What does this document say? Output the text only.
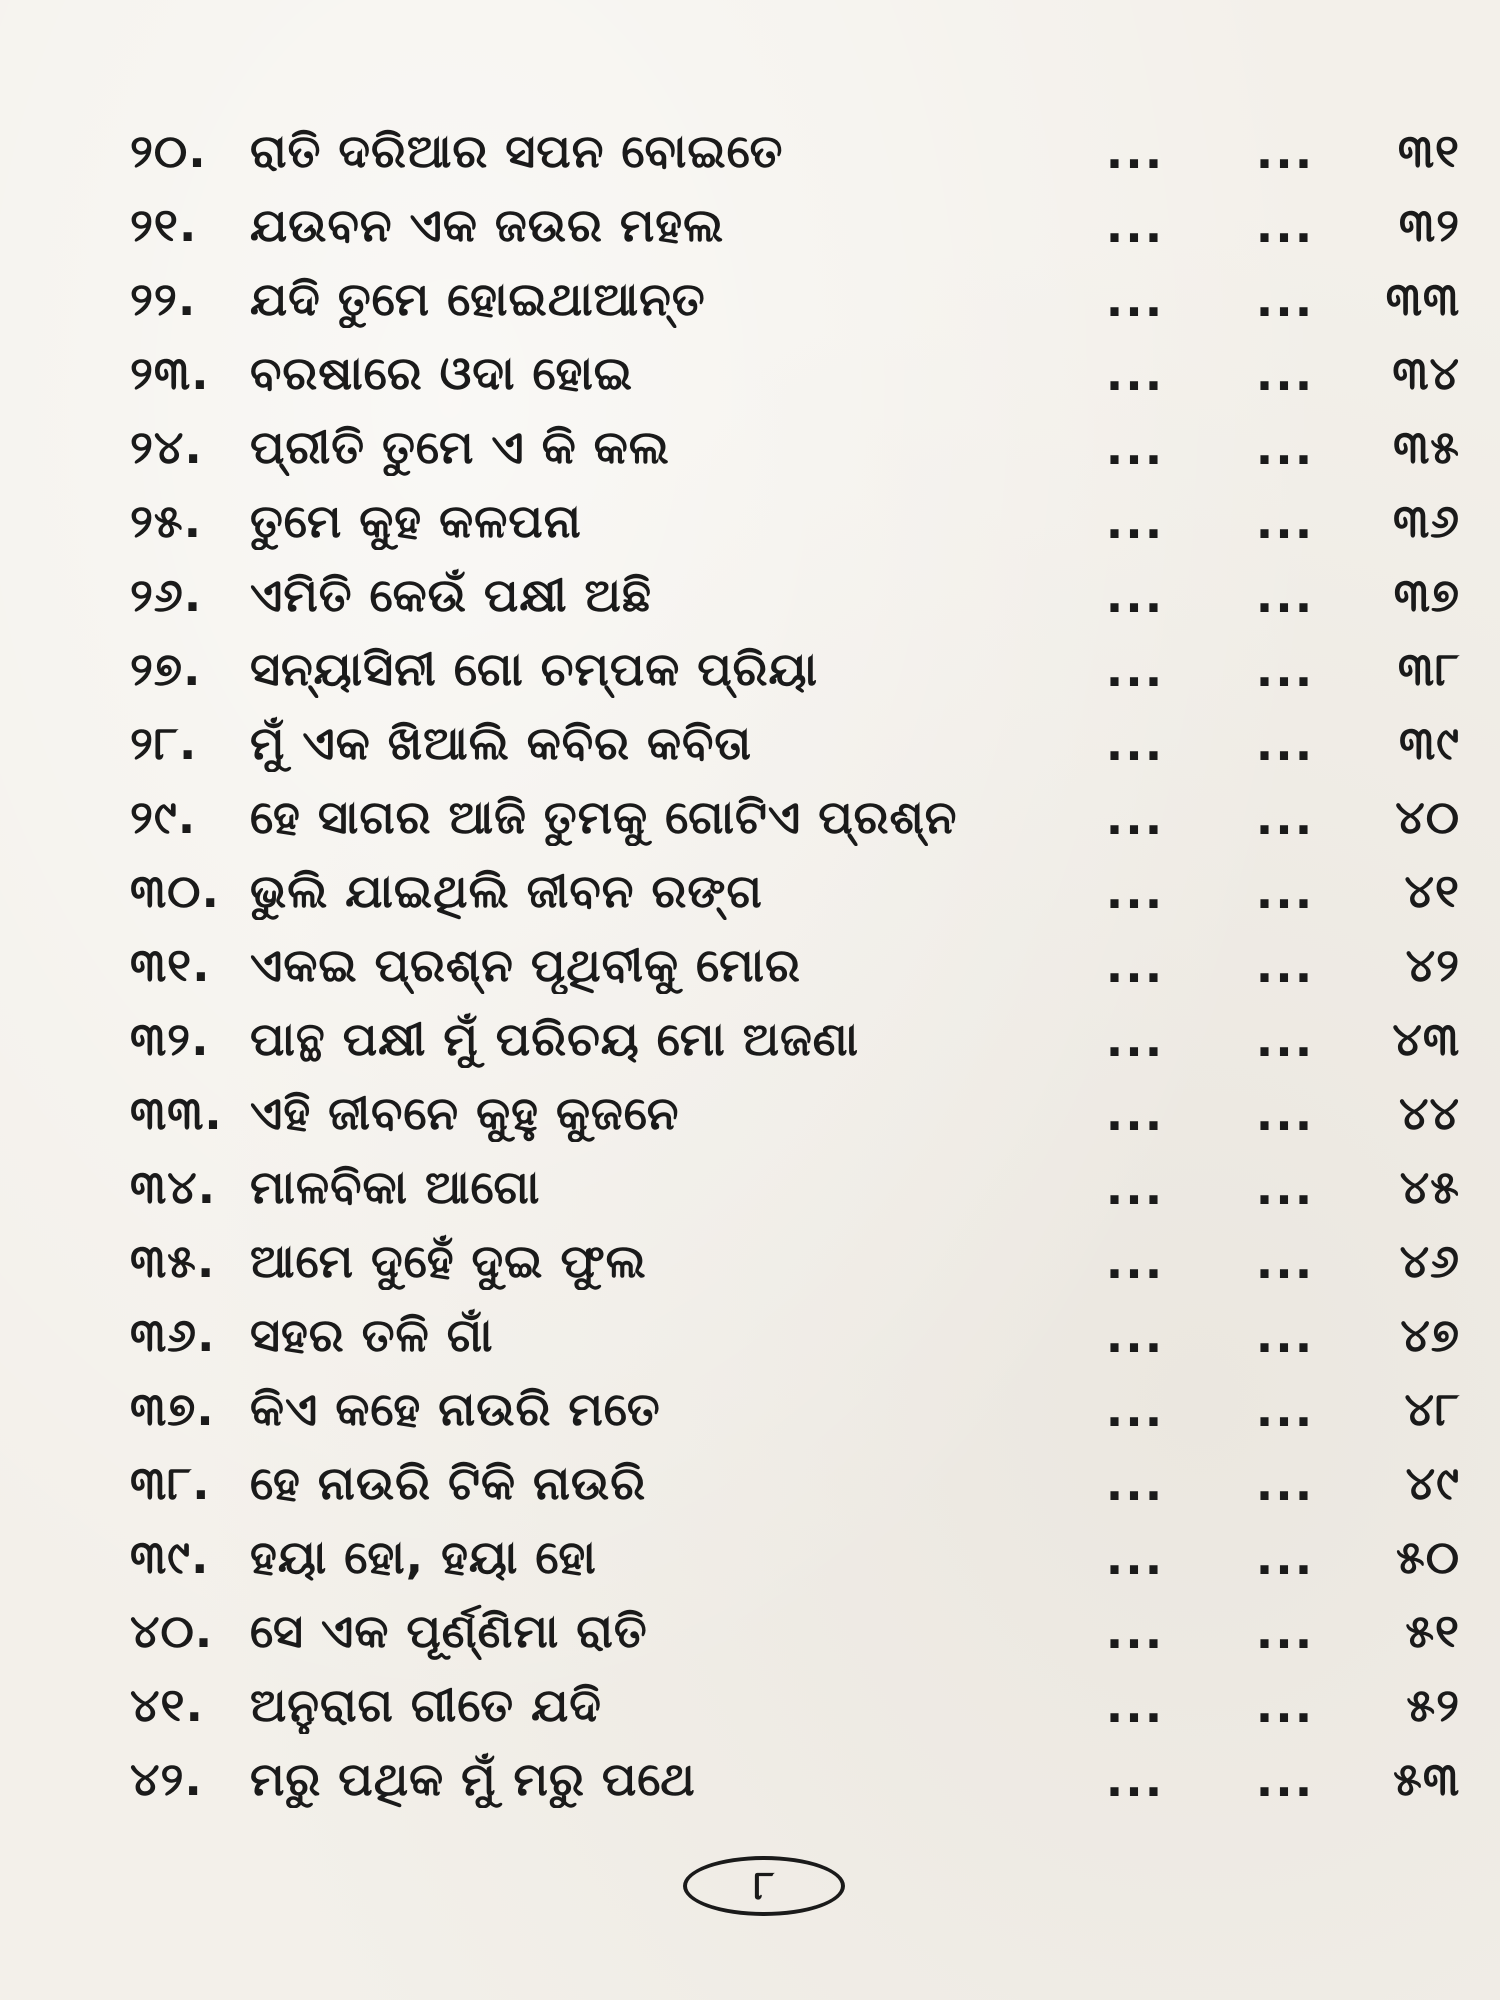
୨୦. ରାତି ଦରିଆର ସପନ ବୋଇତେ	...	...	୩୧
୨୧.	ଯଉବନ ଏକ ଜଉର ମହଲ	...	...	୩୨
୨୨.	ଯଦି ତୁମେ ହୋଇଥାଆନ୍ତ	...	...	୩୩
୨୩. ବରଷାରେ ଓଦା ହୋଇ	...	...	୩୪
୨୪.	ପ୍ରୀତି ତୁମେ ଏ କି କଲ	...	...	୩୫
୨୫.	ତୁମେ କୁହ କଳପନା	...	...	୩୬
୨୬.	ଏମିତି କେଉଁ ପକ୍ଷୀ ଅଛି	...	...	୩୭
୨୭.	ସନ୍ୟାସିନୀ ଗୋ ଚମ୍ପକ ପ୍ରିୟା	...	...	୩୮
୨୮.	ମୁଁ ଏକ ଖିଆଲି କବିର କବିତା	...	...	୩୯
୨୯.	ହେ ସାଗର ଆଜି ତୁମକୁ ଗୋଟିଏ ପ୍ରଶ୍ନ	...	...	୪୦
୩୦. ଭୁଲି ଯାଇଥିଲି ଜୀବନ ରଙ୍ଗ	...	...	୪୧
୩୧. ଏକଇ ପ୍ରଶ୍ନ ପୃଥିବୀକୁ ମୋର	...	...	୪୨
୩୨. ପାନ୍ଥ ପକ୍ଷୀ ମୁଁ ପରିଚୟ ମୋ ଅଜଣା	...	...	୪୩
୩୩. ଏହି ଜୀବନେ କୁହୁ କୁଜନେ	...	...	୪୪
୩୪. ମାଳବିକା ଆଗୋ	...	...	୪୫
୩୫. ଆମେ ଦୁହେଁ ଦୁଇ ଫୁଲ	...	...	୪୬
୩୬. ସହର ତଳି ଗାଁ	...	...	୪୭
୩୭. କିଏ କହେ ନାଉରି ମତେ	...	...	୪୮
୩୮. ହେ ନାଉରି ଟିକି ନାଉରି	...	...	୪୯
୩୯. ହୟା ହୋ, ହୟା ହୋ	...	...	୫୦
୪୦. ସେ ଏକ ପୂର୍ଣ୍ଣିମା ରାତି	...	...	୫୧
୪୧.	ଅନୁରାଗ ଗୀତେ ଯଦି	...	...	୫୨
୪୨.	ମରୁ ପଥିକ ମୁଁ ମରୁ ପଥେ	...	...	୫୩
୮
